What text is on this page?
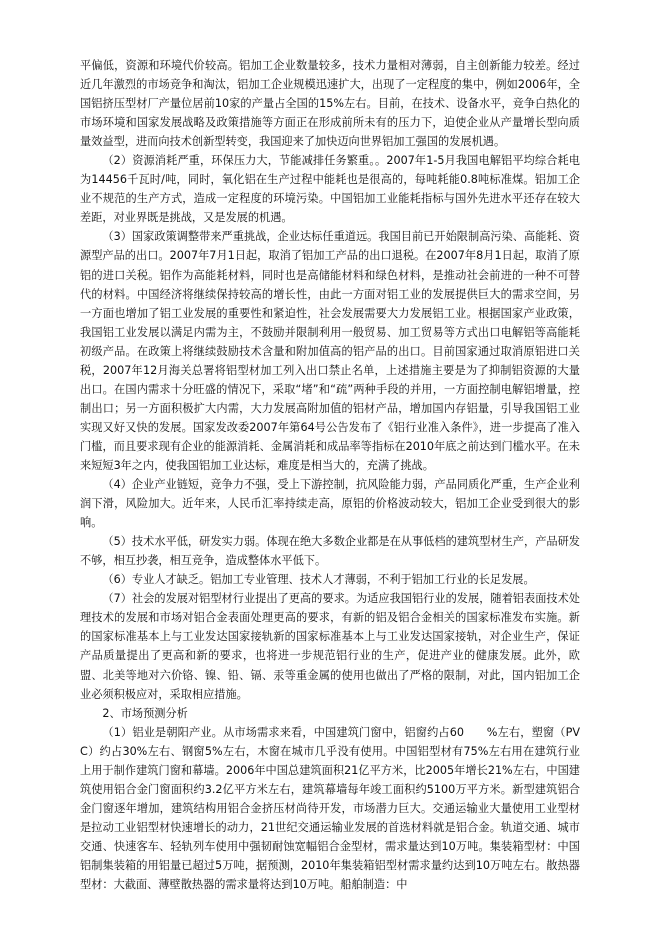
平偏低，资源和环境代价较高。铝加工企业数量较多，技术力量相对薄弱，自主创新能力较差。经过近几年激烈的市场竞争和淘汰，铝加工企业规模迅速扩大，出现了一定程度的集中，例如2006年，全国铝挤压型材厂产量位居前10家的产量占全国的15%左右。目前，在技术、设备水平，竞争白热化的市场环境和国家发展战略及政策措施等方面正在形成前所未有的压力下，迫使企业从产量增长型向质量效益型，进而向技术创新型转变，我国迎来了加快迈向世界铝加工强国的发展机遇。

（2）资源消耗严重，环保压力大，节能减排任务繁重。。2007年1-5月我国电解铝平均综合耗电为14456千瓦时/吨，同时，氧化铝在生产过程中能耗也是很高的，每吨耗能0.8吨标准煤。铝加工企业不规范的生产方式，造成一定程度的环境污染。中国铝加工业能耗指标与国外先进水平还存在较大差距，对业界既是挑战，又是发展的机遇。

（3）国家政策调整带来严重挑战，企业达标任重道远。我国目前已开始限制高污染、高能耗、资源型产品的出口。2007年7月1日起，取消了铝加工产品的出口退税。在2007年8月1日起，取消了原铝的进口关税。铝作为高能耗材料，同时也是高储能材料和绿色材料，是推动社会前进的一种不可替代的材料。中国经济将继续保持较高的增长性，由此一方面对铝工业的发展提供巨大的需求空间，另一方面也增加了铝工业发展的重要性和紧迫性，社会发展需要大力发展铝工业。根据国家产业政策，我国铝工业发展以满足内需为主，不鼓励并限制利用一般贸易、加工贸易等方式出口电解铝等高能耗初级产品。在政策上将继续鼓励技术含量和附加值高的铝产品的出口。目前国家通过取消原铝进口关税，2007年12月海关总署将铝型材加工列入出口禁止名单，上述措施主要是为了抑制铝资源的大量出口。在国内需求十分旺盛的情况下，采取“堵”和“疏”两种手段的并用，一方面控制电解铝增量，控制出口；另一方面积极扩大内需，大力发展高附加值的铝材产品，增加国内存铝量，引导我国铝工业实现又好又快的发展。国家发改委2007年第64号公告发布了《铝行业准入条件》，进一步提高了准入门槛，而且要求现有企业的能源消耗、金属消耗和成品率等指标在2010年底之前达到门槛水平。在未来短短3年之内，使我国铝加工业达标，难度是相当大的，充满了挑战。

（4）企业产业链短，竞争力不强，受上下游控制，抗风险能力弱，产品同质化严重，生产企业利润下滑，风险加大。近年来，人民币汇率持续走高，原铝的价格波动较大，铝加工企业受到很大的影响。

（5）技术水平低，研发实力弱。体现在绝大多数企业都是在从事低档的建筑型材生产，产品研发不够，相互抄袭，相互竞争，造成整体水平低下。

（6）专业人才缺乏。铝加工专业管理、技术人才薄弱，不利于铝加工行业的长足发展。

（7）社会的发展对铝型材行业提出了更高的要求。为适应我国铝行业的发展，随着铝表面技术处理技术的发展和市场对铝合金表面处理更高的要求，有新的铝及铝合金相关的国家标准发布实施。新的国家标准基本上与工业发达国家接轨新的国家标准基本上与工业发达国家接轨，对企业生产，保证产品质量提出了更高和新的要求，也将进一步规范铝行业的生产，促进产业的健康发展。此外，欧盟、北美等地对六价铬、镍、铅、镉、汞等重金属的使用也做出了严格的限制，对此，国内铝加工企业必须积极应对，采取相应措施。

2、市场预测分析

（1）铝业是朝阳产业。从市场需求来看，中国建筑门窗中，铝窗约占60　　%左右，塑窗（PVC）约占30%左右、钢窗5%左右，木窗在城市几乎没有使用。中国铝型材有75%左右用在建筑行业上用于制作建筑门窗和幕墙。2006年中国总建筑面积21亿平方米，比2005年增长21%左右，中国建筑使用铝合金门窗面积约3.2亿平方米左右，建筑幕墙每年竣工面积约5100万平方米。新型建筑铝合金门窗逐年增加，建筑结构用铝合金挤压材尚待开发，市场潜力巨大。交通运输业大量使用工业型材是拉动工业铝型材快速增长的动力，21世纪交通运输业发展的首选材料就是铝合金。轨道交通、城市交通、快速客车、轻轨列车使用中强韧耐蚀宽幅铝合金型材，需求量达到10万吨。集装箱型材：中国铝制集装箱的用铝量已超过5万吨，据预测，2010年集装箱铝型材需求量约达到10万吨左右。散热器型材：大截面、薄壁散热器的需求量将达到10万吨。船舶制造：中
